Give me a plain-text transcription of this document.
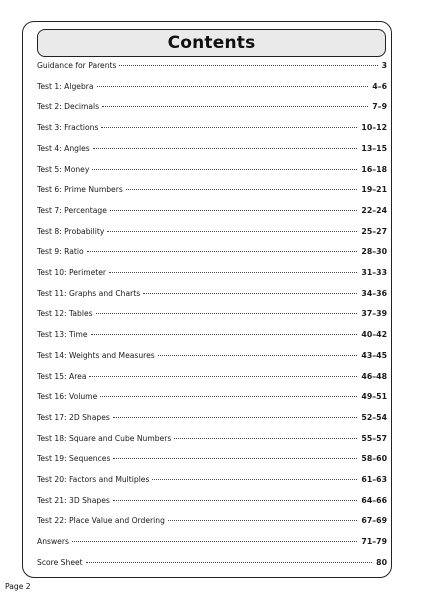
Contents
Guidance for Parents	3
Test 1: Algebra	4–6
Test 2: Decimals	7–9
Test 3: Fractions	10–12
Test 4: Angles	13–15
Test 5: Money	16–18
Test 6: Prime Numbers	19–21
Test 7: Percentage	22–24
Test 8: Probability	25–27
Test 9: Ratio	28–30
Test 10: Perimeter	31–33
Test 11: Graphs and Charts	34–36
Test 12: Tables	37–39
Test 13: Time	40–42
Test 14: Weights and Measures	43–45
Test 15: Area	46–48
Test 16: Volume	49–51
Test 17: 2D Shapes	52–54
Test 18: Square and Cube Numbers	55–57
Test 19: Sequences	58–60
Test 20: Factors and Multiples	61–63
Test 21: 3D Shapes	64–66
Test 22: Place Value and Ordering	67–69
Answers	71–79
Score Sheet	80
Page 2
